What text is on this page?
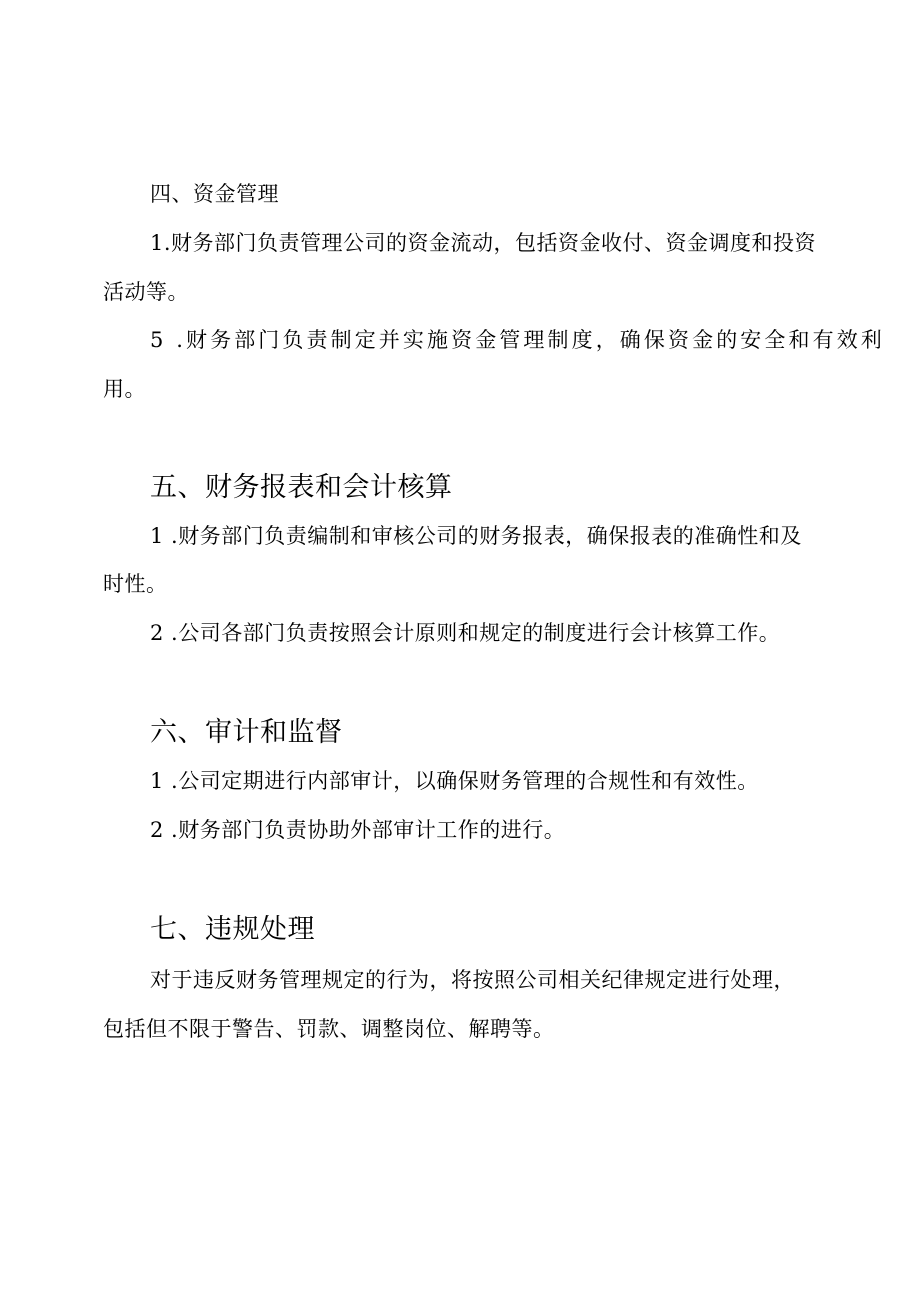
四、资金管理
1.财务部门负责管理公司的资金流动，包括资金收付、资金调度和投资
活动等。
5 .财务部门负责制定并实施资金管理制度，确保资金的安全和有效利
用。
五、财务报表和会计核算
1 .财务部门负责编制和审核公司的财务报表，确保报表的准确性和及
时性。
2 .公司各部门负责按照会计原则和规定的制度进行会计核算工作。
六、审计和监督
1 .公司定期进行内部审计，以确保财务管理的合规性和有效性。
2 .财务部门负责协助外部审计工作的进行。
七、违规处理
对于违反财务管理规定的行为，将按照公司相关纪律规定进行处理，
包括但不限于警告、罚款、调整岗位、解聘等。
